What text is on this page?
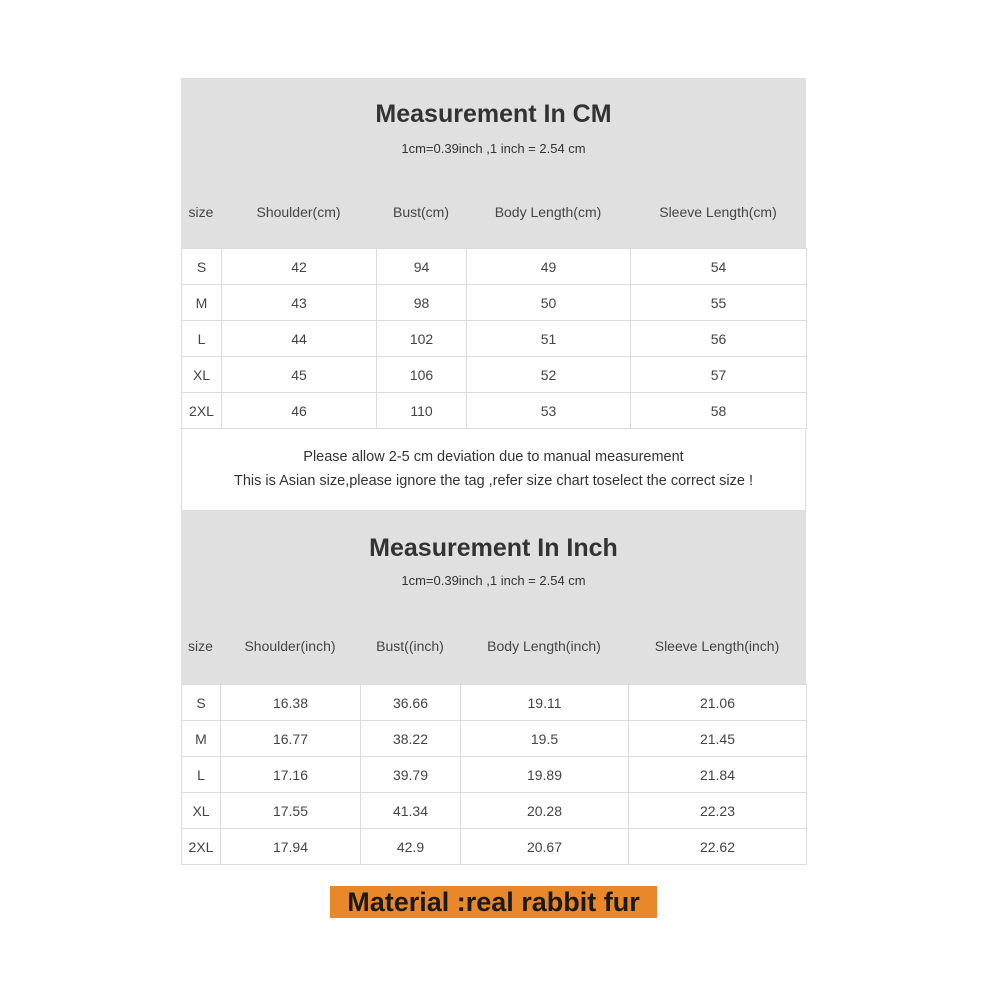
Measurement In CM
1cm=0.39inch ,1 inch = 2.54 cm
size	Shoulder(cm)	Bust(cm)	Body Length(cm)	Sleeve Length(cm)
S	42	94	49	54
M	43	98	50	55
L	44	102	51	56
XL	45	106	52	57
2XL	46	110	53	58
Please allow 2-5 cm deviation due to manual measurement
This is Asian size,please ignore the tag ,refer size chart toselect the correct size !
Measurement In Inch
1cm=0.39inch ,1 inch = 2.54 cm
size	Shoulder(inch)	Bust((inch)	Body Length(inch)	Sleeve Length(inch)
S	16.38	36.66	19.11	21.06
M	16.77	38.22	19.5	21.45
L	17.16	39.79	19.89	21.84
XL	17.55	41.34	20.28	22.23
2XL	17.94	42.9	20.67	22.62
Material :real rabbit fur
